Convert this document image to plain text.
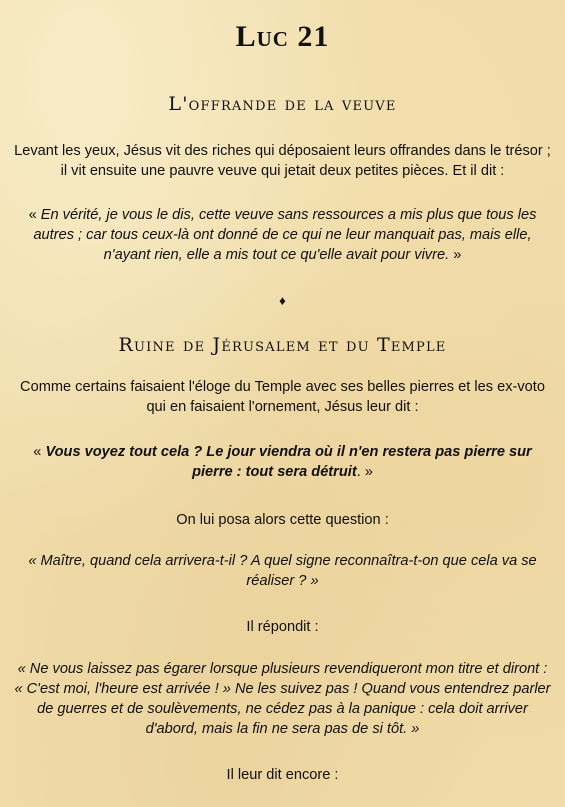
Luc 21
L'offrande de la veuve

Levant les yeux, Jésus vit des riches qui déposaient leurs offrandes dans le trésor ;
il vit ensuite une pauvre veuve qui jetait deux petites pièces. Et il dit :

« En vérité, je vous le dis, cette veuve sans ressources a mis plus que tous les
autres ; car tous ceux-là ont donné de ce qui ne leur manquait pas, mais elle,
n'ayant rien, elle a mis tout ce qu'elle avait pour vivre. »

♦
Ruine de Jérusalem et du Temple

Comme certains faisaient l'éloge du Temple avec ses belles pierres et les ex-voto
qui en faisaient l'ornement, Jésus leur dit :

« Vous voyez tout cela ? Le jour viendra où il n'en restera pas pierre sur
pierre : tout sera détruit. »

On lui posa alors cette question :

« Maître, quand cela arrivera-t-il ? A quel signe reconnaîtra-t-on que cela va se
réaliser ? »

Il répondit :

« Ne vous laissez pas égarer lorsque plusieurs revendiqueront mon titre et diront :
« C'est moi, l'heure est arrivée ! » Ne les suivez pas ! Quand vous entendrez parler
de guerres et de soulèvements, ne cédez pas à la panique : cela doit arriver
d'abord, mais la fin ne sera pas de si tôt. »

Il leur dit encore :
